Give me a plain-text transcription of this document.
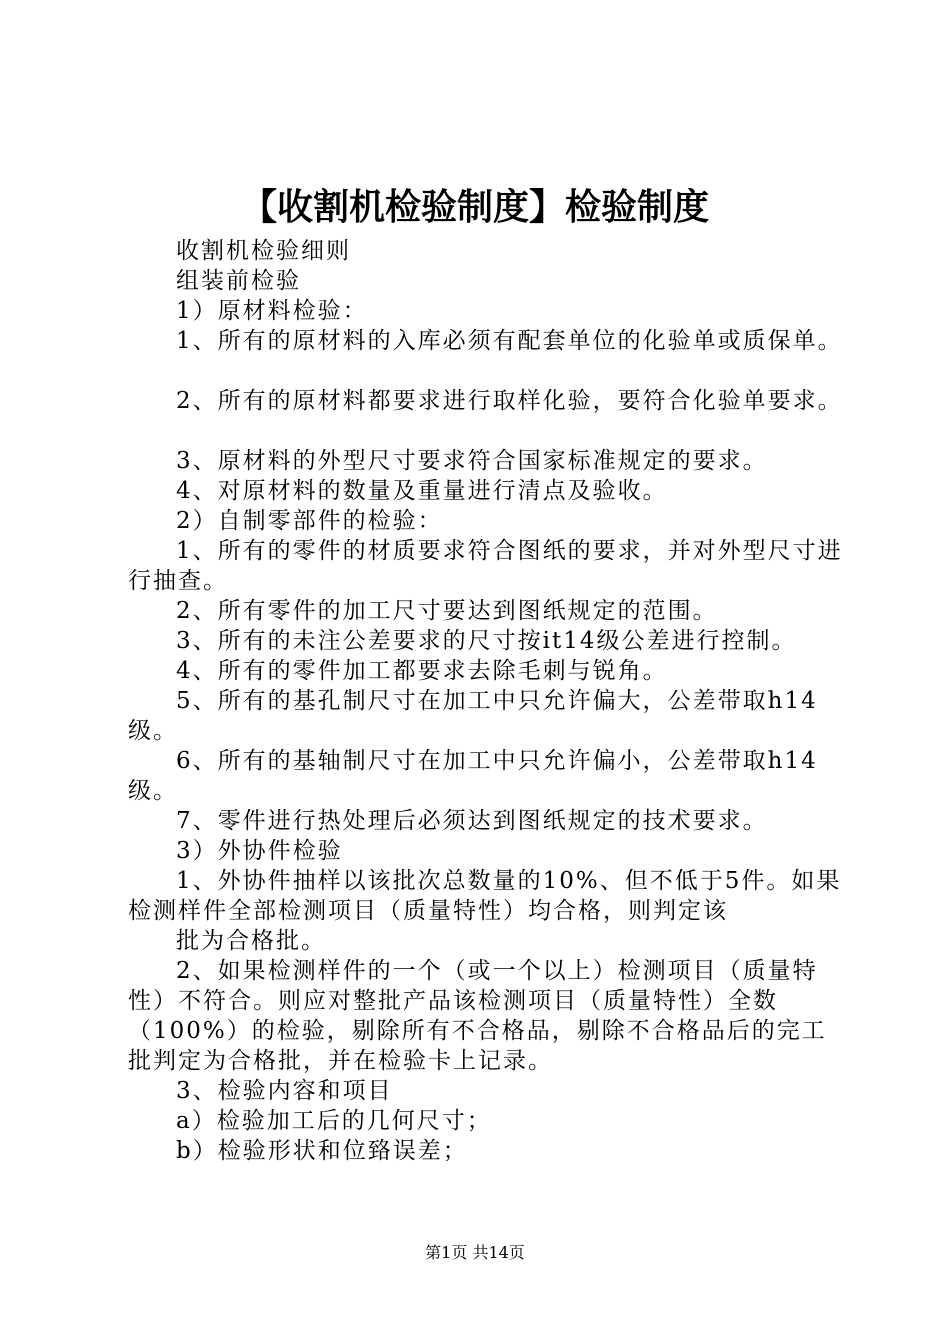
【收割机检验制度】检验制度

收割机检验细则

组装前检验

1）原材料检验：

1、所有的原材料的入库必须有配套单位的化验单或质保单。

2、所有的原材料都要求进行取样化验，要符合化验单要求。

3、原材料的外型尺寸要求符合国家标准规定的要求。

4、对原材料的数量及重量进行清点及验收。

2）自制零部件的检验：

1、所有的零件的材质要求符合图纸的要求，并对外型尺寸进行抽查。

2、所有零件的加工尺寸要达到图纸规定的范围。

3、所有的未注公差要求的尺寸按it14级公差进行控制。

4、所有的零件加工都要求去除毛刺与锐角。

5、所有的基孔制尺寸在加工中只允许偏大，公差带取h14级。

6、所有的基轴制尺寸在加工中只允许偏小，公差带取h14级。

7、零件进行热处理后必须达到图纸规定的技术要求。

3）外协件检验

1、外协件抽样以该批次总数量的10%、但不低于5件。如果检测样件全部检测项目（质量特性）均合格，则判定该

批为合格批。

2、如果检测样件的一个（或一个以上）检测项目（质量特性）不符合。则应对整批产品该检测项目（质量特性）全数（100%）的检验，剔除所有不合格品，剔除不合格品后的完工批判定为合格批，并在检验卡上记录。

3、检验内容和项目

a）检验加工后的几何尺寸；

b）检验形状和位臵误差；

第1页 共14页
